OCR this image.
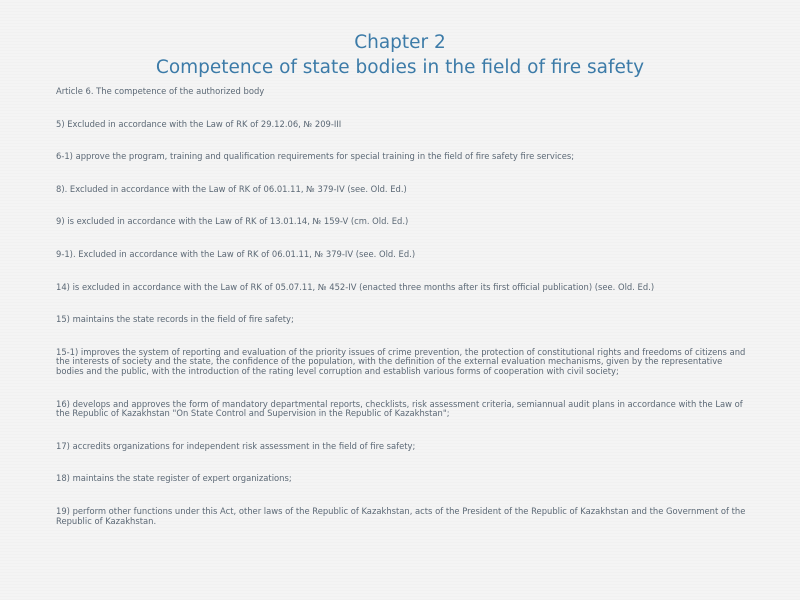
Chapter 2
Competence of state bodies in the field of fire safety

Article 6. The competence of the authorized body

5) Excluded in accordance with the Law of RK of 29.12.06, № 209-III

6-1) approve the program, training and qualification requirements for special training in the field of fire safety fire services;

8). Excluded in accordance with the Law of RK of 06.01.11, № 379-IV (see. Old. Ed.)

9) is excluded in accordance with the Law of RK of 13.01.14, № 159-V (cm. Old. Ed.)

9-1). Excluded in accordance with the Law of RK of 06.01.11, № 379-IV (see. Old. Ed.)

14) is excluded in accordance with the Law of RK of 05.07.11, № 452-IV (enacted three months after its first official publication) (see. Old. Ed.)

15) maintains the state records in the field of fire safety;

15-1) improves the system of reporting and evaluation of the priority issues of crime prevention, the protection of constitutional rights and freedoms of citizens and the interests of society and the state, the confidence of the population, with the definition of the external evaluation mechanisms, given by the representative bodies and the public, with the introduction of the rating level corruption and establish various forms of cooperation with civil society;

16) develops and approves the form of mandatory departmental reports, checklists, risk assessment criteria, semiannual audit plans in accordance with the Law of the Republic of Kazakhstan "On State Control and Supervision in the Republic of Kazakhstan";

17) accredits organizations for independent risk assessment in the field of fire safety;

18) maintains the state register of expert organizations;

19) perform other functions under this Act, other laws of the Republic of Kazakhstan, acts of the President of the Republic of Kazakhstan and the Government of the Republic of Kazakhstan.
